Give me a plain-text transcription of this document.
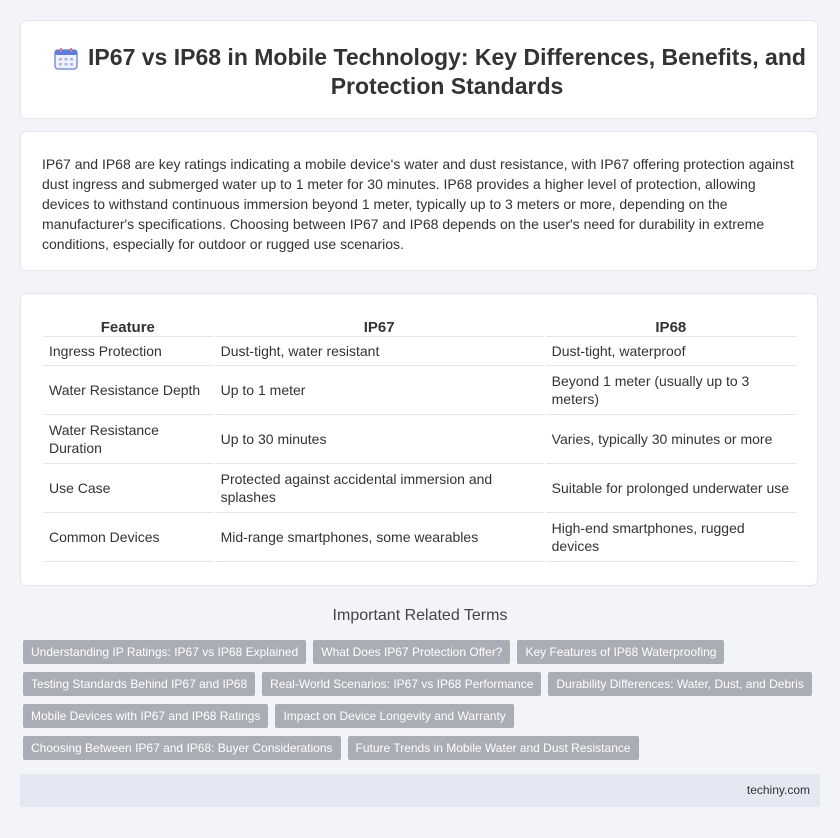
IP67 vs IP68 in Mobile Technology: Key Differences, Benefits, and Protection Standards
IP67 and IP68 are key ratings indicating a mobile device's water and dust resistance, with IP67 offering protection against dust ingress and submerged water up to 1 meter for 30 minutes. IP68 provides a higher level of protection, allowing devices to withstand continuous immersion beyond 1 meter, typically up to 3 meters or more, depending on the manufacturer's specifications. Choosing between IP67 and IP68 depends on the user's need for durability in extreme conditions, especially for outdoor or rugged use scenarios.
Feature	IP67	IP68
Ingress Protection	Dust-tight, water resistant	Dust-tight, waterproof
Water Resistance Depth	Up to 1 meter	Beyond 1 meter (usually up to 3 meters)
Water Resistance Duration	Up to 30 minutes	Varies, typically 30 minutes or more
Use Case	Protected against accidental immersion and splashes	Suitable for prolonged underwater use
Common Devices	Mid-range smartphones, some wearables	High-end smartphones, rugged devices
Important Related Terms
Understanding IP Ratings: IP67 vs IP68 Explained	What Does IP67 Protection Offer?	Key Features of IP68 Waterproofing
Testing Standards Behind IP67 and IP68	Real-World Scenarios: IP67 vs IP68 Performance	Durability Differences: Water, Dust, and Debris
Mobile Devices with IP67 and IP68 Ratings	Impact on Device Longevity and Warranty
Choosing Between IP67 and IP68: Buyer Considerations	Future Trends in Mobile Water and Dust Resistance
techiny.com
